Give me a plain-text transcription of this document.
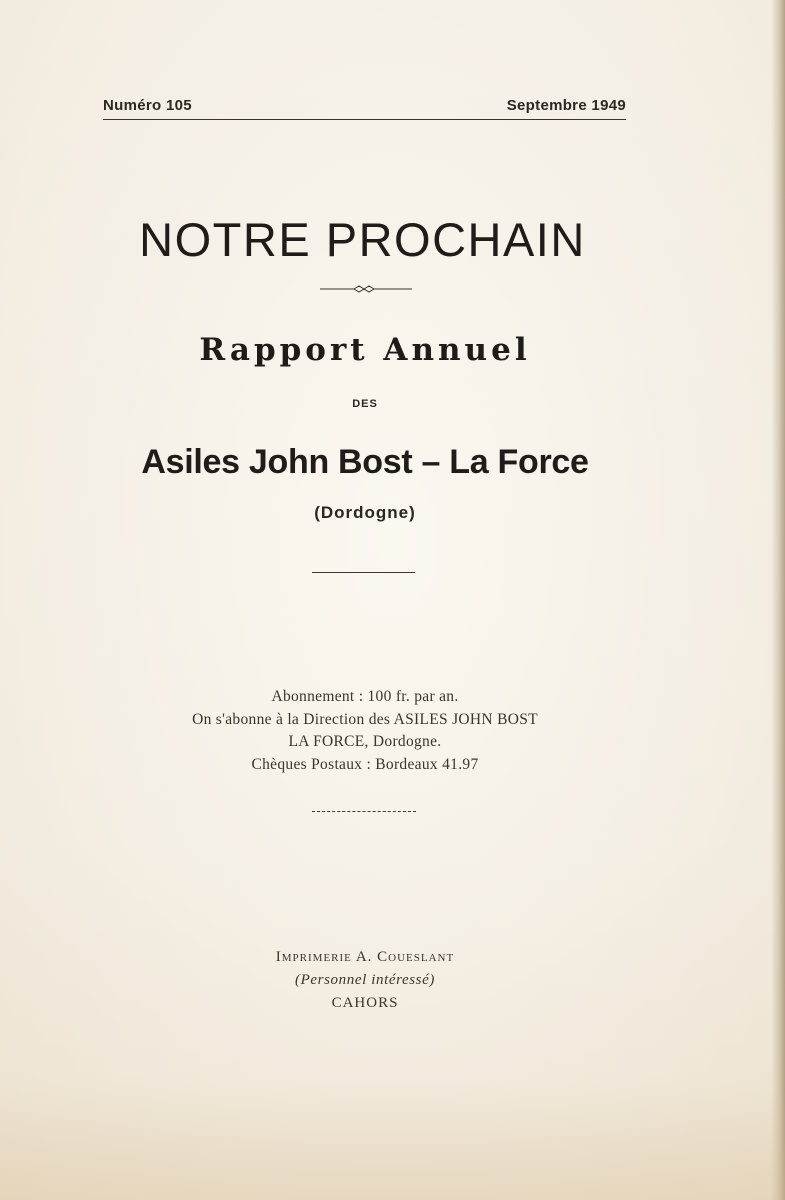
Numéro 105	Septembre 1949
NOTRE PROCHAIN
Rapport Annuel
DES
Asiles John Bost – La Force
(Dordogne)
Abonnement : 100 fr. par an.
On s'abonne à la Direction des ASILES JOHN BOST
LA FORCE, Dordogne.
Chèques Postaux : Bordeaux 41.97
Imprimerie A. Coueslant
(Personnel intéressé)
CAHORS
